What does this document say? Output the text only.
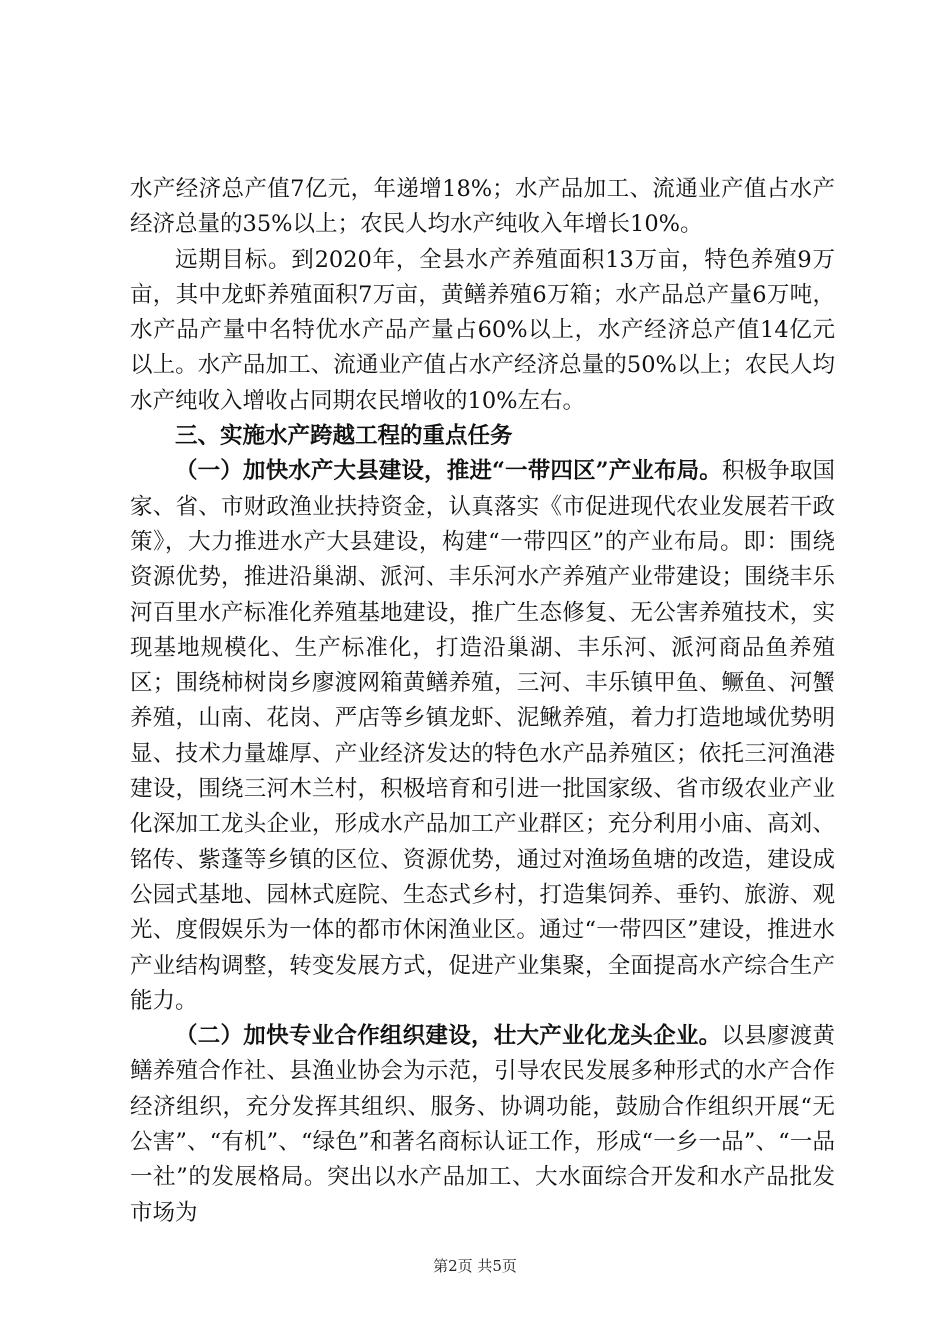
水产经济总产值7亿元，年递增18%；水产品加工、流通业产值占水产经济总量的35%以上；农民人均水产纯收入年增长10%。

远期目标。到2020年，全县水产养殖面积13万亩，特色养殖9万亩，其中龙虾养殖面积7万亩，黄鳝养殖6万箱；水产品总产量6万吨，水产品产量中名特优水产品产量占60%以上，水产经济总产值14亿元以上。水产品加工、流通业产值占水产经济总量的50%以上；农民人均水产纯收入增收占同期农民增收的10%左右。

三、实施水产跨越工程的重点任务

（一）加快水产大县建设，推进“一带四区”产业布局。积极争取国家、省、市财政渔业扶持资金，认真落实《市促进现代农业发展若干政策》，大力推进水产大县建设，构建“一带四区”的产业布局。即：围绕资源优势，推进沿巢湖、派河、丰乐河水产养殖产业带建设；围绕丰乐河百里水产标准化养殖基地建设，推广生态修复、无公害养殖技术，实现基地规模化、生产标准化，打造沿巢湖、丰乐河、派河商品鱼养殖区；围绕柿树岗乡廖渡网箱黄鳝养殖，三河、丰乐镇甲鱼、鳜鱼、河蟹养殖，山南、花岗、严店等乡镇龙虾、泥鳅养殖，着力打造地域优势明显、技术力量雄厚、产业经济发达的特色水产品养殖区；依托三河渔港建设，围绕三河木兰村，积极培育和引进一批国家级、省市级农业产业化深加工龙头企业，形成水产品加工产业群区；充分利用小庙、高刘、铭传、紫蓬等乡镇的区位、资源优势，通过对渔场鱼塘的改造，建设成公园式基地、园林式庭院、生态式乡村，打造集饲养、垂钓、旅游、观光、度假娱乐为一体的都市休闲渔业区。通过“一带四区”建设，推进水产业结构调整，转变发展方式，促进产业集聚，全面提高水产综合生产能力。

（二）加快专业合作组织建设，壮大产业化龙头企业。以县廖渡黄鳝养殖合作社、县渔业协会为示范，引导农民发展多种形式的水产合作经济组织，充分发挥其组织、服务、协调功能，鼓励合作组织开展“无公害”、“有机”、“绿色”和著名商标认证工作，形成“一乡一品”、“一品一社”的发展格局。突出以水产品加工、大水面综合开发和水产品批发市场为

第2页 共5页
